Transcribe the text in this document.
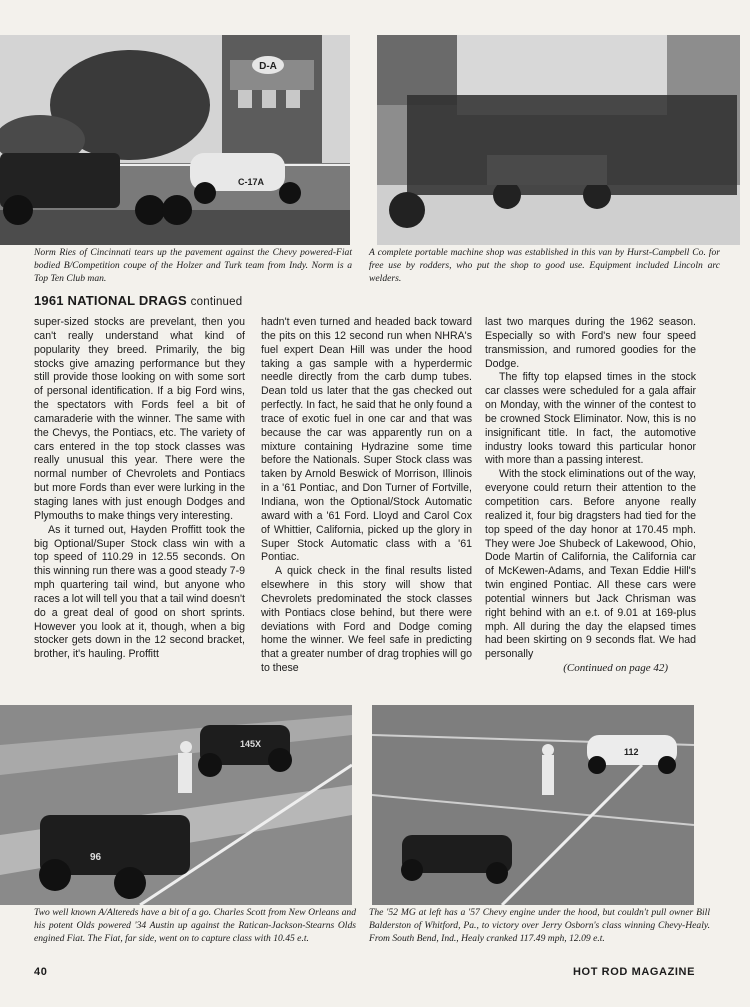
D-A
C-17A

Norm Ries of Cincinnati tears up the pavement against the Chevy powered-Fiat bodied B/Competition coupe of the Holzer and Turk team from Indy. Norm is a Top Ten Club man.

A complete portable machine shop was established in this van by Hurst-Campbell Co. for free use by rodders, who put the shop to good use. Equipment included Lincoln arc welders.

1961 NATIONAL DRAGS continued

super-sized stocks are prevelant, then you can't really understand what kind of popularity they breed. Primarily, the big stocks give amazing performance but they still provide those looking on with some sort of personal identification. If a big Ford wins, the spectators with Fords feel a bit of camaraderie with the winner. The same with the Chevys, the Pontiacs, etc. The variety of cars entered in the top stock classes was really unusual this year. There were the normal number of Chevrolets and Pontiacs but more Fords than ever were lurking in the staging lanes with just enough Dodges and Plymouths to make things very interesting.

As it turned out, Hayden Proffitt took the big Optional/Super Stock class win with a top speed of 110.29 in 12.55 seconds. On this winning run there was a good steady 7-9 mph quartering tail wind, but anyone who races a lot will tell you that a tail wind doesn't do a great deal of good on short sprints. However you look at it, though, when a big stocker gets down in the 12 second bracket, brother, it's hauling. Proffitt

hadn't even turned and headed back toward the pits on this 12 second run when NHRA's fuel expert Dean Hill was under the hood taking a gas sample with a hyperdermic needle directly from the carb dump tubes. Dean told us later that the gas checked out perfectly. In fact, he said that he only found a trace of exotic fuel in one car and that was because the car was apparently run on a mixture containing Hydrazine some time before the Nationals. Super Stock class was taken by Arnold Beswick of Morrison, Illinois in a '61 Pontiac, and Don Turner of Fortville, Indiana, won the Optional/Stock Automatic award with a '61 Ford. Lloyd and Carol Cox of Whittier, California, picked up the glory in Super Stock Automatic class with a '61 Pontiac.

A quick check in the final results listed elsewhere in this story will show that Chevrolets predominated the stock classes with Pontiacs close behind, but there were deviations with Ford and Dodge coming home the winner. We feel safe in predicting that a greater number of drag trophies will go to these

last two marques during the 1962 season. Especially so with Ford's new four speed transmission, and rumored goodies for the Dodge.

The fifty top elapsed times in the stock car classes were scheduled for a gala affair on Monday, with the winner of the contest to be crowned Stock Eliminator. Now, this is no insignificant title. In fact, the automotive industry looks toward this particular honor with more than a passing interest.

With the stock eliminations out of the way, everyone could return their attention to the competition cars. Before anyone really realized it, four big dragsters had tied for the top speed of the day honor at 170.45 mph. They were Joe Shubeck of Lakewood, Ohio, Dode Martin of California, the California car of McKewen-Adams, and Texan Eddie Hill's twin engined Pontiac. All these cars were potential winners but Jack Chrisman was right behind with an e.t. of 9.01 at 169-plus mph. All during the day the elapsed times had been skirting on 9 seconds flat. We had personally

(Continued on page 42)
145X
96
112

Two well known A/Altereds have a bit of a go. Charles Scott from New Orleans and his potent Olds powered '34 Austin up against the Ratican-Jackson-Stearns Olds engined Fiat. The Fiat, far side, went on to capture class with 10.45 e.t.

The '52 MG at left has a '57 Chevy engine under the hood, but couldn't pull owner Bill Balderston of Whitford, Pa., to victory over Jerry Osborn's class winning Chevy-Healy. From South Bend, Ind., Healy cranked 117.49 mph, 12.09 e.t.

40	HOT ROD MAGAZINE
